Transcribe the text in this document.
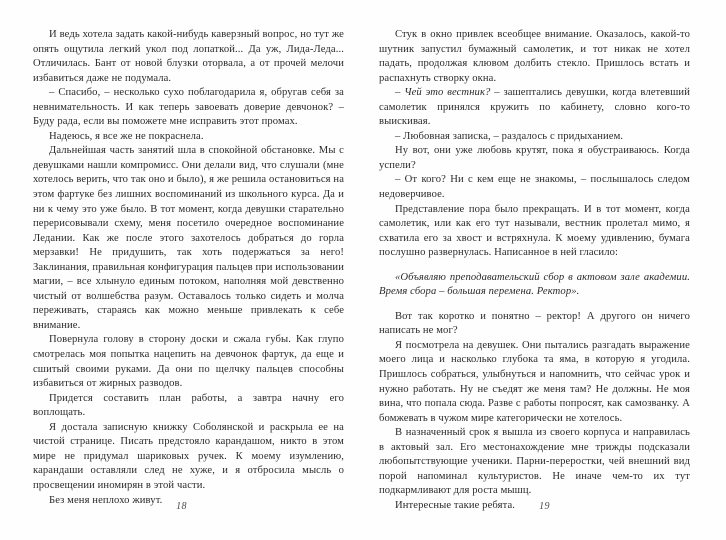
И ведь хотела задать какой-нибудь каверзный вопрос, но тут же опять ощутила легкий укол под лопаткой... Да уж, Лида-Леда... Отличилась. Бант от новой блузки оторвала, а от прочей мелочи избавиться даже не подумала.

– Спасибо, – несколько сухо поблагодарила я, обругав себя за невнимательность. И как теперь завоевать доверие девчонок? – Буду рада, если вы поможете мне исправить этот промах.

Надеюсь, я все же не покраснела.

Дальнейшая часть занятий шла в спокойной обстановке. Мы с девушками нашли компромисс. Они делали вид, что слушали (мне хотелось верить, что так оно и было), я же решила остановиться на этом фартуке без лишних воспоминаний из школьного курса. Да и ни к чему это уже было. В тот момент, когда девушки старательно перерисовывали схему, меня посетило очередное воспоминание Ледании. Как же после этого захотелось добраться до горла мерзавки! Не придушить, так хоть подержаться за него! Заклинания, правильная конфигурация пальцев при использовании магии, – все хлынуло единым потоком, наполняя мой девственно чистый от волшебства разум. Оставалось только сидеть и молча переживать, стараясь как можно меньше привлекать к себе внимание.

Повернула голову в сторону доски и сжала губы. Как глупо смотрелась моя попытка нацепить на девчонок фартук, да еще и сшитый своими руками. Да они по щелчку пальцев способны избавиться от жирных разводов.

Придется составить план работы, а завтра начну его воплощать.

Я достала записную книжку Соболянской и раскрыла ее на чистой странице. Писать предстояло карандашом, никто в этом мире не придумал шариковых ручек. К моему изумлению, карандаши оставляли след не хуже, и я отбросила мысль о просвещении иномирян в этой части.

Без меня неплохо живут.

18

Стук в окно привлек всеобщее внимание. Оказалось, какой-то шутник запустил бумажный самолетик, и тот никак не хотел падать, продолжая клювом долбить стекло. Пришлось встать и распахнуть створку окна.

– Чей это вестник? – зашептались девушки, когда влетевший самолетик принялся кружить по кабинету, словно кого-то выискивая.

– Любовная записка, – раздалось с придыханием.

Ну вот, они уже любовь крутят, пока я обустраиваюсь. Когда успели?

– От кого? Ни с кем еще не знакомы, – послышалось следом недоверчивое.

Представление пора было прекращать. И в тот момент, когда самолетик, или как его тут называли, вестник пролетал мимо, я схватила его за хвост и встряхнула. К моему удивлению, бумага послушно развернулась. Написанное в ней гласило:

«Объявляю преподавательский сбор в актовом зале академии. Время сбора – большая перемена. Ректор».

Вот так коротко и понятно – ректор! А другого он ничего написать не мог?

Я посмотрела на девушек. Они пытались разгадать выражение моего лица и насколько глубока та яма, в которую я угодила. Пришлось собраться, улыбнуться и напомнить, что сейчас урок и нужно работать. Ну не съедят же меня там? Не должны. Не моя вина, что попала сюда. Разве с работы попросят, как самозванку. А бомжевать в чужом мире категорически не хотелось.

В назначенный срок я вышла из своего корпуса и направилась в актовый зал. Его местонахождение мне трижды подсказали любопытствующие ученики. Парни-переростки, чей внешний вид порой напоминал культуристов. Не иначе чем-то их тут подкармливают для роста мышц.

Интересные такие ребята.	19
